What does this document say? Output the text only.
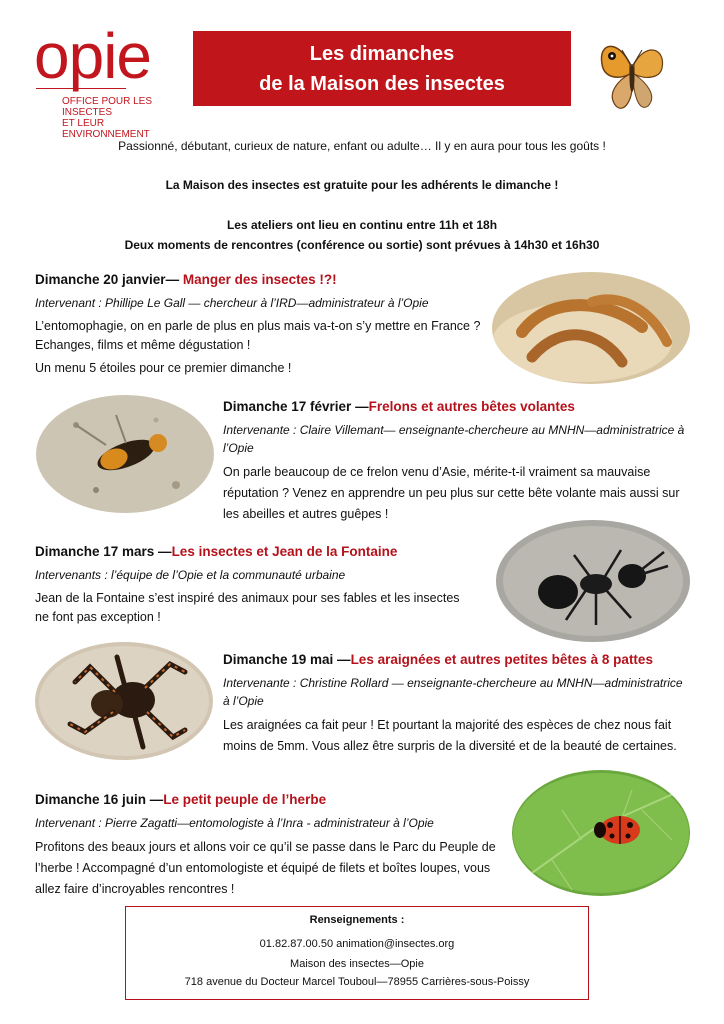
opie
OFFICE POUR LES INSECTES
ET LEUR ENVIRONNEMENT
Les dimanches
de la Maison des insectes
Passionné, débutant, curieux de nature, enfant ou adulte… Il y en aura pour tous les goûts !
La Maison des insectes est gratuite pour les adhérents le dimanche !
Les ateliers ont lieu en continu entre 11h et 18h
Deux moments de rencontres (conférence ou sortie) sont prévues à 14h30 et 16h30
Dimanche 20 janvier— Manger des insectes !?!
Intervenant : Phillipe Le Gall — chercheur à l’IRD—administrateur à l’Opie
L’entomophagie, on en parle de plus en plus mais va-t-on s’y mettre en France ? Echanges, films et même dégustation !
Un menu 5 étoiles pour ce premier dimanche !
Dimanche 17 février —Frelons et autres bêtes volantes
Intervenante : Claire Villemant— enseignante-chercheure au MNHN—administratrice à l’Opie
On parle beaucoup de ce frelon venu d’Asie, mérite-t-il vraiment sa mauvaise réputation ? Venez en apprendre un peu plus sur cette bête volante mais aussi sur les abeilles et autres guêpes !
Dimanche 17 mars —Les insectes et Jean de la Fontaine
Intervenants : l’équipe de l’Opie et la communauté urbaine
Jean de la Fontaine s’est inspiré des animaux pour ses fables et les insectes ne font pas exception !
Dimanche 19 mai —Les araignées et autres petites bêtes à 8 pattes
Intervenante : Christine Rollard — enseignante-chercheure au MNHN—administratrice à l’Opie
Les araignées ca fait peur ! Et pourtant la majorité des espèces de chez nous fait moins de 5mm. Vous allez être surpris de la diversité et de la beauté de certaines.
Dimanche 16 juin —Le petit peuple de l’herbe
Intervenant : Pierre Zagatti—entomologiste à l’Inra - administrateur à l’Opie
Profitons des beaux jours et allons voir ce qu’il se passe dans le Parc du Peuple de l’herbe ! Accompagné d’un entomologiste et équipé de filets et boîtes loupes, vous allez faire d’incroyables rencontres !
Renseignements :
01.82.87.00.50 animation@insectes.org
Maison des insectes—Opie
718 avenue du Docteur Marcel Touboul—78955 Carrières-sous-Poissy
